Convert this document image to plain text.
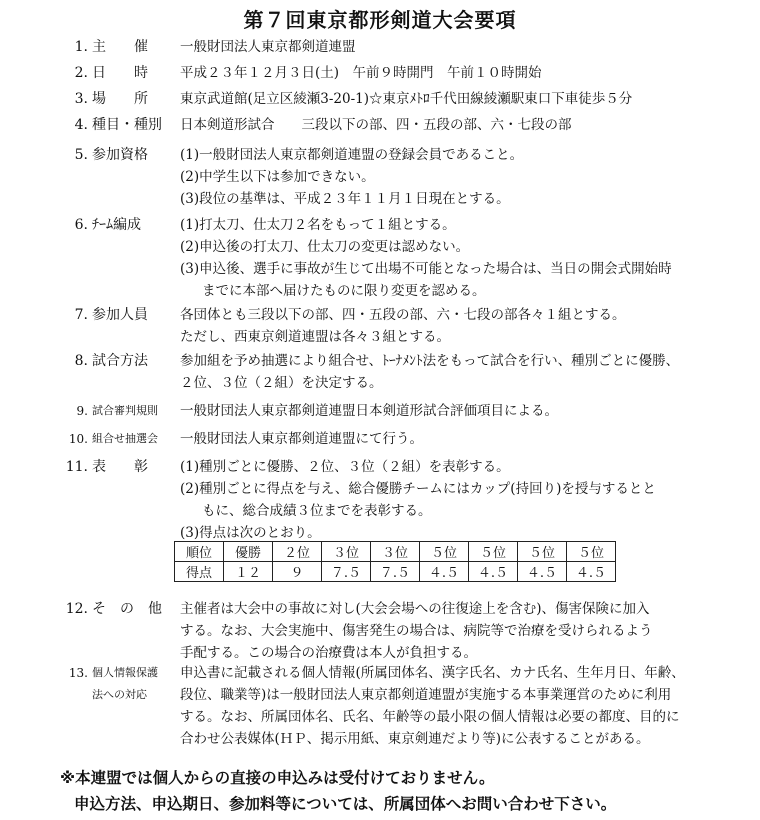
第７回東京都形剣道大会要項
1. 主　　催	一般財団法人東京都剣道連盟
2. 日　　時	平成２３年１２月３日(土)　午前９時開門　午前１０時開始
3. 場　　所	東京武道館(足立区綾瀬3-20-1)☆東京ﾒﾄﾛ千代田線綾瀬駅東口下車徒歩５分
4. 種目・種別	日本剣道形試合　　三段以下の部、四・五段の部、六・七段の部
5. 参加資格	(1)一般財団法人東京都剣道連盟の登録会員であること。
(2)中学生以下は参加できない。
(3)段位の基準は、平成２３年１１月１日現在とする。
6. ﾁｰﾑ編成	(1)打太刀、仕太刀２名をもって１組とする。
(2)申込後の打太刀、仕太刀の変更は認めない。
(3)申込後、選手に事故が生じて出場不可能となった場合は、当日の開会式開始時
までに本部へ届けたものに限り変更を認める。
7. 参加人員	各団体とも三段以下の部、四・五段の部、六・七段の部各々１組とする。
ただし、西東京剣道連盟は各々３組とする。
8. 試合方法	参加組を予め抽選により組合せ、ﾄｰﾅﾒﾝﾄ法をもって試合を行い、種別ごとに優勝、
２位、３位（２組）を決定する。
9. 試合審判規則	一般財団法人東京都剣道連盟日本剣道形試合評価項目による。
10. 組合せ抽選会	一般財団法人東京都剣道連盟にて行う。
11. 表　　彰	(1)種別ごとに優勝、２位、３位（２組）を表彰する。
(2)種別ごとに得点を与え、総合優勝チームにはカップ(持回り)を授与するとと
もに、総合成績３位までを表彰する。
(3)得点は次のとおり。
順位	優勝	２位	３位	３位	５位	５位	５位	５位
得点	１２	９	７.５	７.５	４.５	４.５	４.５	４.５
12. そ　の　他	主催者は大会中の事故に対し(大会会場への往復途上を含む)、傷害保険に加入
する。なお、大会実施中、傷害発生の場合は、病院等で治療を受けられるよう
手配する。この場合の治療費は本人が負担する。
13. 個人情報保護
法への対応
申込書に記載される個人情報(所属団体名、漢字氏名、カナ氏名、生年月日、年齢、
段位、職業等)は一般財団法人東京都剣道連盟が実施する本事業運営のために利用
する。なお、所属団体名、氏名、年齢等の最小限の個人情報は必要の都度、目的に
合わせ公表媒体(ＨＰ、掲示用紙、東京剣連だより等)に公表することがある。
※本連盟では個人からの直接の申込みは受付けておりません。
申込方法、申込期日、参加料等については、所属団体へお問い合わせ下さい。
